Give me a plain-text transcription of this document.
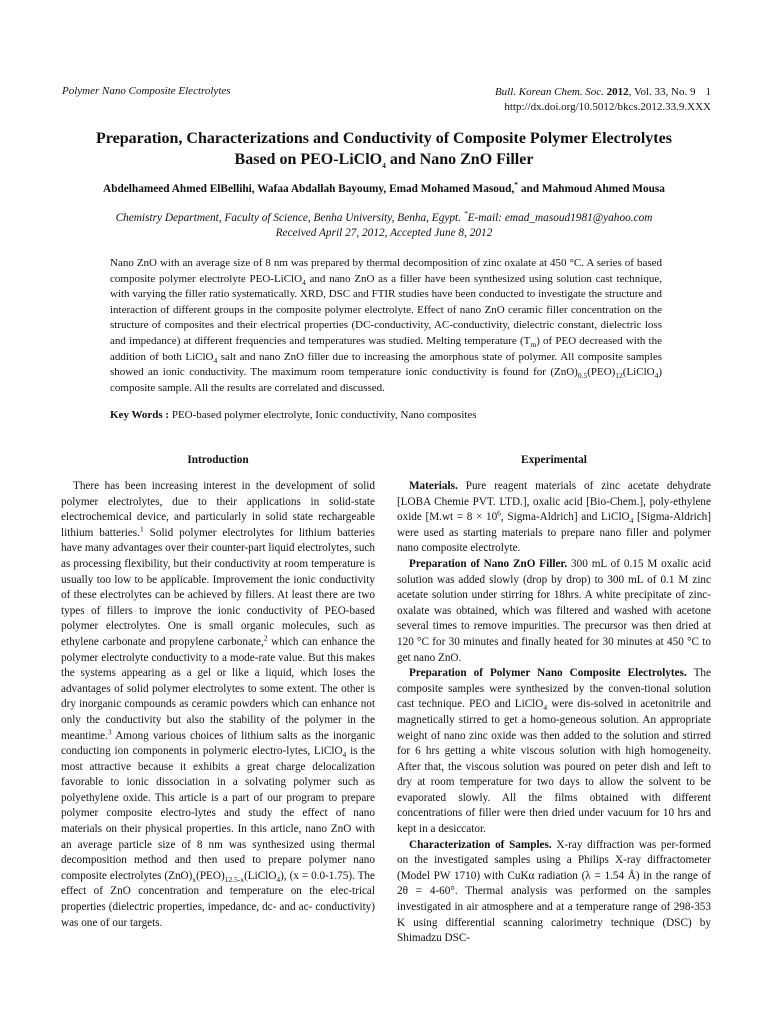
Polymer Nano Composite Electrolytes	Bull. Korean Chem. Soc. 2012, Vol. 33, No. 9 1
http://dx.doi.org/10.5012/bkcs.2012.33.9.XXX
Preparation, Characterizations and Conductivity of Composite Polymer Electrolytes
Based on PEO-LiClO$_4$ and Nano ZnO Filler
Abdelhameed Ahmed ElBellihi, Wafaa Abdallah Bayoumy, Emad Mohamed Masoud,* and Mahmoud Ahmed Mousa
Chemistry Department, Faculty of Science, Benha University, Benha, Egypt. *E-mail: emad_masoud1981@yahoo.com
Received April 27, 2012, Accepted June 8, 2012
Nano ZnO with an average size of 8 nm was prepared by thermal decomposition of zinc oxalate at 450 °C. A series of based composite polymer electrolyte PEO-LiClO$_4$ and nano ZnO as a filler have been synthesized using solution cast technique, with varying the filler ratio systematically. XRD, DSC and FTIR studies have been conducted to investigate the structure and interaction of different groups in the composite polymer electrolyte. Effect of nano ZnO ceramic filler concentration on the structure of composites and their electrical properties (DC-conductivity, AC-conductivity, dielectric constant, dielectric loss and impedance) at different frequencies and temperatures was studied. Melting temperature $(T_m)$ of PEO decreased with the addition of both LiClO$_4$ salt and nano ZnO filler due to increasing the amorphous state of polymer. All composite samples showed an ionic conductivity. The maximum room temperature ionic conductivity is found for $(ZnO)_{0.5}(PEO)_{12}(LiClO_4)$ composite sample. All the results are correlated and discussed.
Key Words : PEO-based polymer electrolyte, Ionic conductivity, Nano composites
Introduction

There has been increasing interest in the development of solid polymer electrolytes, due to their applications in solid-state electrochemical device, and particularly in solid state rechargeable lithium batteries.$^1$ Solid polymer electrolytes for lithium batteries have many advantages over their counter-part liquid electrolytes, such as processing flexibility, but their conductivity at room temperature is usually too low to be applicable. Improvement the ionic conductivity of these electrolytes can be achieved by fillers. At least there are two types of fillers to improve the ionic conductivity of PEO-based polymer electrolytes. One is small organic molecules, such as ethylene carbonate and propylene carbonate,$^2$ which can enhance the polymer electrolyte conductivity to a mode-rate value. But this makes the systems appearing as a gel or like a liquid, which loses the advantages of solid polymer electrolytes to some extent. The other is dry inorganic compounds as ceramic powders which can enhance not only the conductivity but also the stability of the polymer in the meantime.$^3$ Among various choices of lithium salts as the inorganic conducting ion components in polymeric electro-lytes, LiClO$_4$ is the most attractive because it exhibits a great charge delocalization favorable to ionic dissociation in a solvating polymer such as polyethylene oxide. This article is a part of our program to prepare polymer composite electro-lytes and study the effect of nano materials on their physical properties. In this article, nano ZnO with an average particle size of 8 nm was synthesized using thermal decomposition method and then used to prepare polymer nano composite electrolytes $(ZnO)_x(PEO)_{12.5-x}(LiClO_4)$, (x = 0.0-1.75). The effect of ZnO concentration and temperature on the elec-trical properties (dielectric properties, impedance, dc- and ac- conductivity) was one of our targets.

Experimental

Materials. Pure reagent materials of zinc acetate dehydrate [LOBA Chemie PVT. LTD.], oxalic acid [Bio-Chem.], poly-ethylene oxide [$M.wt = 8 \times 10^6$, Sigma-Aldrich] and LiClO$_4$ [Sigma-Aldrich] were used as starting materials to prepare nano filler and polymer nano composite electrolyte.

Preparation of Nano ZnO Filler. 300 mL of 0.15 M oxalic acid solution was added slowly (drop by drop) to 300 mL of 0.1 M zinc acetate solution under stirring for 18hrs. A white precipitate of zinc-oxalate was obtained, which was filtered and washed with acetone several times to remove impurities. The precursor was then dried at 120 °C for 30 minutes and finally heated for 30 minutes at 450 °C to get nano ZnO.

Preparation of Polymer Nano Composite Electrolytes. The composite samples were synthesized by the conven-tional solution cast technique. PEO and LiClO$_4$ were dis-solved in acetonitrile and magnetically stirred to get a homo-geneous solution. An appropriate weight of nano zinc oxide was then added to the solution and stirred for 6 hrs getting a white viscous solution with high homogeneity. After that, the viscous solution was poured on peter dish and left to dry at room temperature for two days to allow the solvent to be evaporated slowly. All the films obtained with different concentrations of filler were then dried under vacuum for 10 hrs and kept in a desiccator.

Characterization of Samples. X-ray diffraction was per-formed on the investigated samples using a Philips X-ray diffractometer (Model PW 1710) with CuKα radiation (λ = 1.54 Å) in the range of 2θ = 4-60°. Thermal analysis was performed on the samples investigated in air atmosphere and at a temperature range of 298-353 K using differential scanning calorimetry technique (DSC) by Shimadzu DSC-
